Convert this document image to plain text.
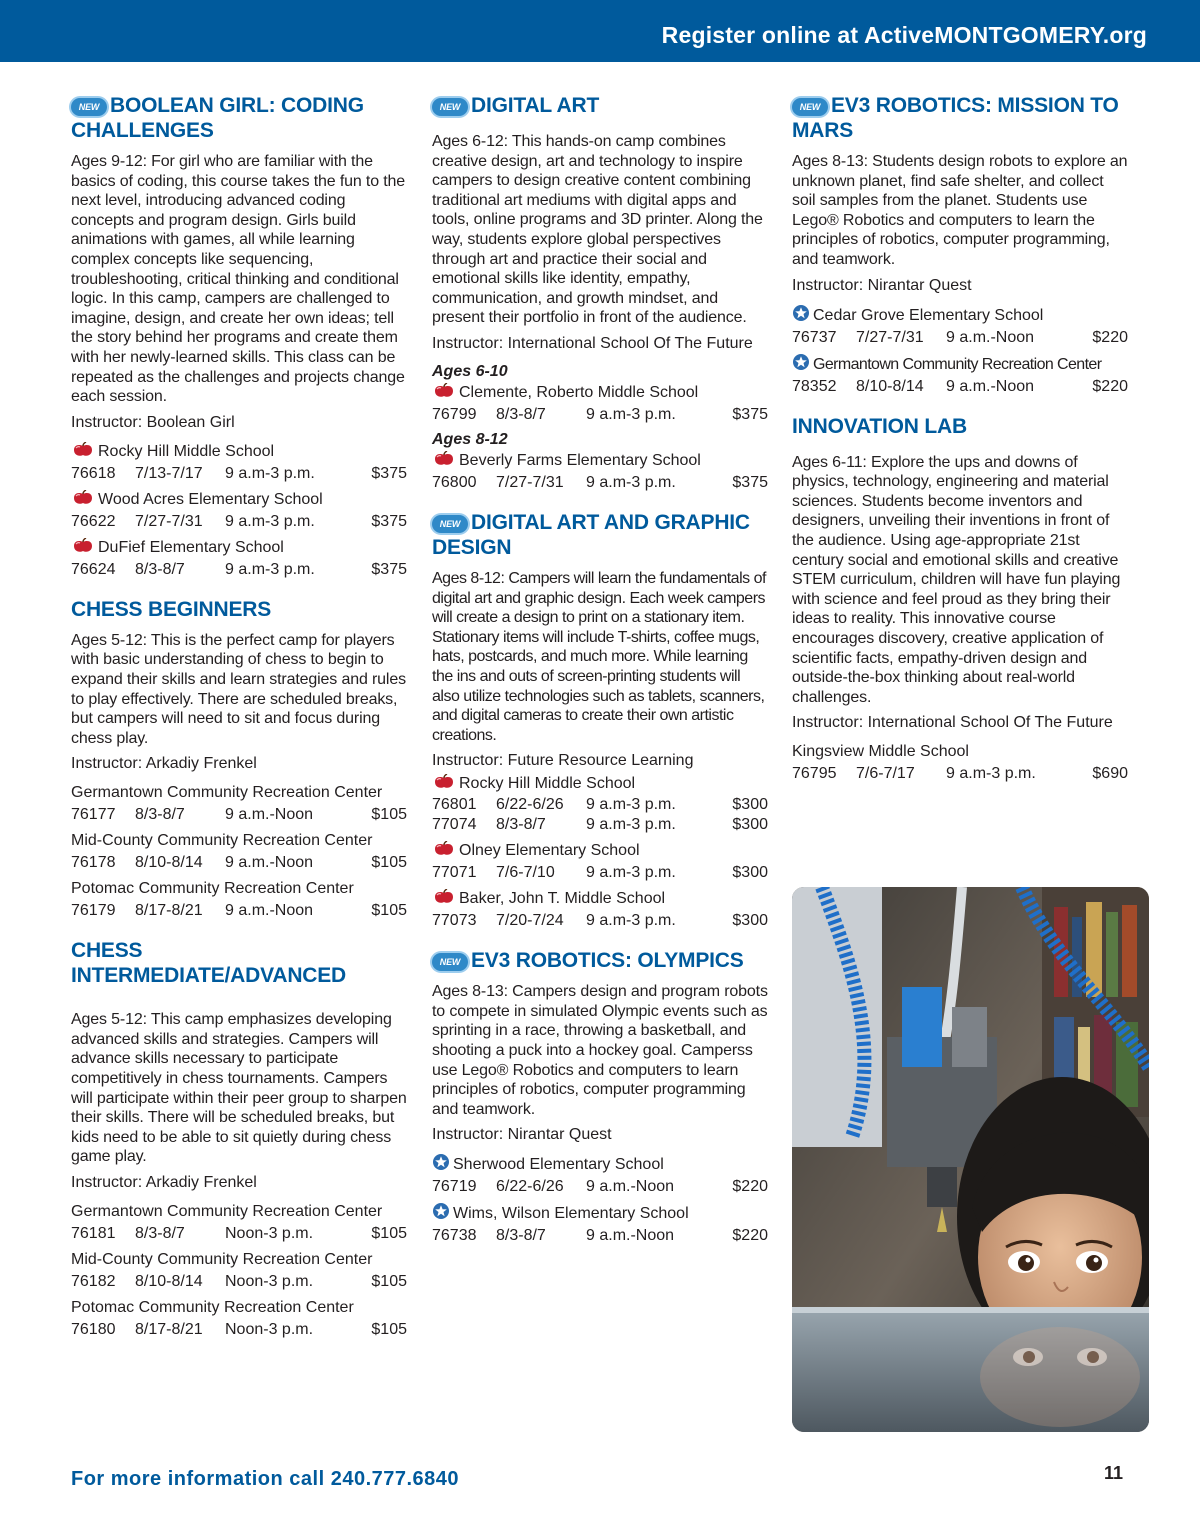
Register online at ActiveMONTGOMERY.org
NEW BOOLEAN GIRL: CODING CHALLENGES
Ages 9-12: For girl who are familiar with the basics of coding, this course takes the fun to the next level, introducing advanced coding concepts and program design. Girls build animations with games, all while learning complex concepts like sequencing, troubleshooting, critical thinking and conditional logic. In this camp, campers are challenged to imagine, design, and create her own ideas; tell the story behind her programs and create them with her newly-learned skills. This class can be repeated as the challenges and projects change each session.
Instructor: Boolean Girl
Rocky Hill Middle School
76618	7/13-7/17	9 a.m-3 p.m.	$375
Wood Acres Elementary School
76622	7/27-7/31	9 a.m-3 p.m.	$375
DuFief Elementary School
76624	8/3-8/7	9 a.m-3 p.m.	$375
CHESS BEGINNERS
Ages 5-12: This is the perfect camp for players with basic understanding of chess to begin to expand their skills and learn strategies and rules to play effectively. There are scheduled breaks, but campers will need to sit and focus during chess play.
Instructor: Arkadiy Frenkel
Germantown Community Recreation Center
76177	8/3-8/7	9 a.m.-Noon	$105
Mid-County Community Recreation Center
76178	8/10-8/14	9 a.m.-Noon	$105
Potomac Community Recreation Center
76179	8/17-8/21	9 a.m.-Noon	$105
CHESS INTERMEDIATE/ADVANCED
Ages 5-12: This camp emphasizes developing advanced skills and strategies. Campers will advance skills necessary to participate competitively in chess tournaments. Campers will participate within their peer group to sharpen their skills. There will be scheduled breaks, but kids need to be able to sit quietly during chess game play.
Instructor: Arkadiy Frenkel
Germantown Community Recreation Center
76181	8/3-8/7	Noon-3 p.m.	$105
Mid-County Community Recreation Center
76182	8/10-8/14	Noon-3 p.m.	$105
Potomac Community Recreation Center
76180	8/17-8/21	Noon-3 p.m.	$105
NEW DIGITAL ART
Ages 6-12: This hands-on camp combines creative design, art and technology to inspire campers to design creative content combining traditional art mediums with digital apps and tools, online programs and 3D printer. Along the way, students explore global perspectives through art and practice their social and emotional skills like identity, empathy, communication, and growth mindset, and present their portfolio in front of the audience.
Instructor: International School Of The Future
Ages 6-10
Clemente, Roberto Middle School
76799	8/3-8/7	9 a.m-3 p.m.	$375
Ages 8-12
Beverly Farms Elementary School
76800	7/27-7/31	9 a.m-3 p.m.	$375
NEW DIGITAL ART AND GRAPHIC DESIGN
Ages 8-12: Campers will learn the fundamentals of digital art and graphic design. Each week campers will create a design to print on a stationary item. Stationary items will include T-shirts, coffee mugs, hats, postcards, and much more. While learning the ins and outs of screen-printing students will also utilize technologies such as tablets, scanners, and digital cameras to create their own artistic creations.
Instructor: Future Resource Learning
Rocky Hill Middle School
76801	6/22-6/26	9 a.m-3 p.m.	$300
77074	8/3-8/7	9 a.m-3 p.m.	$300
Olney Elementary School
77071	7/6-7/10	9 a.m-3 p.m.	$300
Baker, John T. Middle School
77073	7/20-7/24	9 a.m-3 p.m.	$300
NEW EV3 ROBOTICS: OLYMPICS
Ages 8-13: Campers design and program robots to compete in simulated Olympic events such as sprinting in a race, throwing a basketball, and shooting a puck into a hockey goal. Camperss use Lego® Robotics and computers to learn principles of robotics, computer programming and teamwork.
Instructor: Nirantar Quest
Sherwood Elementary School
76719	6/22-6/26	9 a.m.-Noon	$220
Wims, Wilson Elementary School
76738	8/3-8/7	9 a.m.-Noon	$220
NEW EV3 ROBOTICS: MISSION TO MARS
Ages 8-13: Students design robots to explore an unknown planet, find safe shelter, and collect soil samples from the planet. Students use Lego® Robotics and computers to learn the principles of robotics, computer programming, and teamwork.
Instructor: Nirantar Quest
Cedar Grove Elementary School
76737	7/27-7/31	9 a.m.-Noon	$220
Germantown Community Recreation Center
78352	8/10-8/14	9 a.m.-Noon	$220
INNOVATION LAB
Ages 6-11: Explore the ups and downs of physics, technology, engineering and material sciences. Students become inventors and designers, unveiling their inventions in front of the audience. Using age-appropriate 21st century social and emotional skills and creative STEM curriculum, children will have fun playing with science and feel proud as they bring their ideas to reality. This innovative course encourages discovery, creative application of scientific facts, empathy-driven design and outside-the-box thinking about real-world challenges.
Instructor: International School Of The Future
Kingsview Middle School
76795	7/6-7/17	9 a.m-3 p.m.	$690
For more information call 240.777.6840	11
